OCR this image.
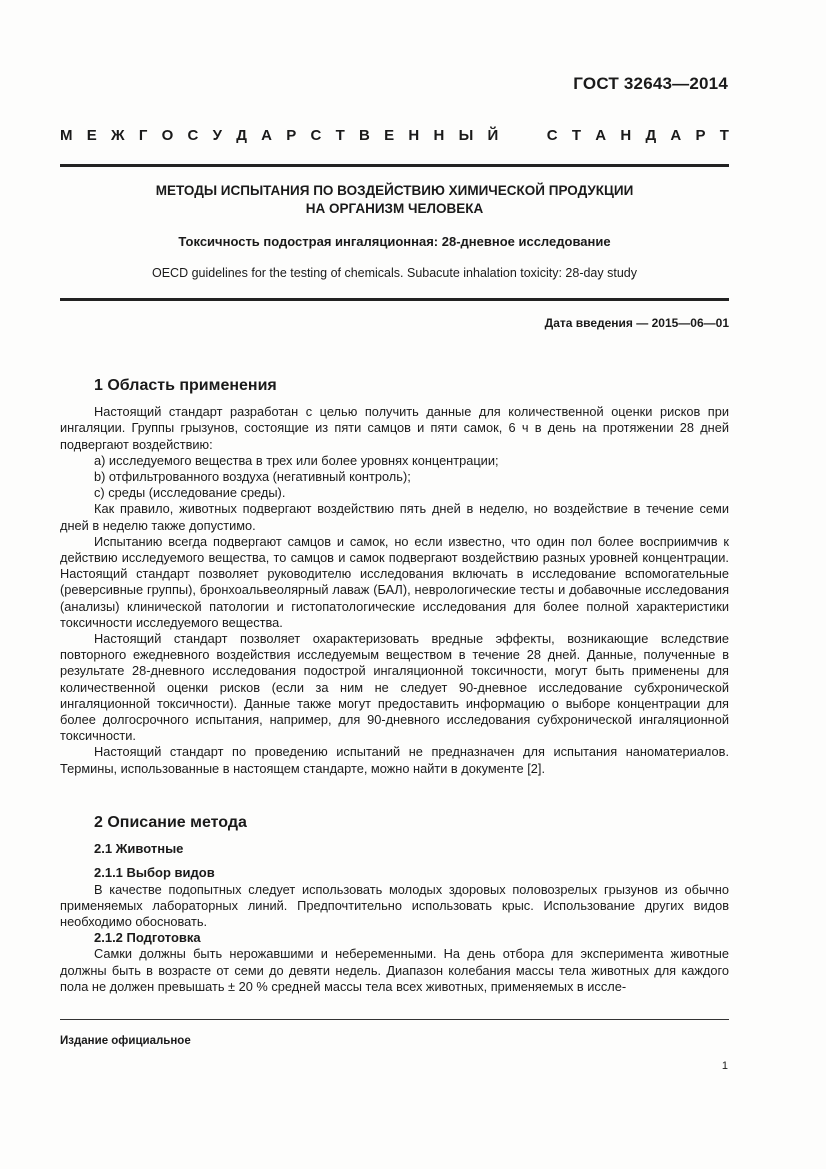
ГОСТ 32643—2014
М Е Ж Г О С У Д А Р С Т В Е Н Н Ы Й	С Т А Н Д А Р Т
МЕТОДЫ ИСПЫТАНИЯ ПО ВОЗДЕЙСТВИЮ ХИМИЧЕСКОЙ ПРОДУКЦИИ
НА ОРГАНИЗМ ЧЕЛОВЕКА
Токсичность подострая ингаляционная: 28-дневное исследование
OECD guidelines for the testing of chemicals. Subacute inhalation toxicity: 28-day study
Дата введения — 2015—06—01
1 Область применения

Настоящий стандарт разработан с целью получить данные для количественной оценки рисков при ингаляции. Группы грызунов, состоящие из пяти самцов и пяти самок, 6 ч в день на протяжении 28 дней подвергают воздействию:

a) исследуемого вещества в трех или более уровнях концентрации;

b) отфильтрованного воздуха (негативный контроль);

c) среды (исследование среды).

Как правило, животных подвергают воздействию пять дней в неделю, но воздействие в течение семи дней в неделю также допустимо.

Испытанию всегда подвергают самцов и самок, но если известно, что один пол более восприимчив к действию исследуемого вещества, то самцов и самок подвергают воздействию разных уровней концентрации. Настоящий стандарт позволяет руководителю исследования включать в исследование вспомогательные (реверсивные группы), бронхоальвеолярный лаваж (БАЛ), неврологические тесты и добавочные исследования (анализы) клинической патологии и гистопатологические исследования для более полной характеристики токсичности исследуемого вещества.

Настоящий стандарт позволяет охарактеризовать вредные эффекты, возникающие вследствие повторного ежедневного воздействия исследуемым веществом в течение 28 дней. Данные, полученные в результате 28-дневного исследования подострой ингаляционной токсичности, могут быть применены для количественной оценки рисков (если за ним не следует 90-дневное исследование субхронической ингаляционной токсичности). Данные также могут предоставить информацию о выборе концентрации для более долгосрочного испытания, например, для 90-дневного исследования субхронической ингаляционной токсичности.

Настоящий стандарт по проведению испытаний не предназначен для испытания наноматериалов. Термины, использованные в настоящем стандарте, можно найти в документе [2].

2 Описание метода
2.1 Животные
2.1.1 Выбор видов

В качестве подопытных следует использовать молодых здоровых половозрелых грызунов из обычно применяемых лабораторных линий. Предпочтительно использовать крыс. Использование других видов необходимо обосновать.

2.1.2 Подготовка

Самки должны быть нерожавшими и небеременными. На день отбора для эксперимента животные должны быть в возрасте от семи до девяти недель. Диапазон колебания массы тела животных для каждого пола не должен превышать ± 20 % средней массы тела всех животных, применяемых в иссле-

Издание официальное
1
